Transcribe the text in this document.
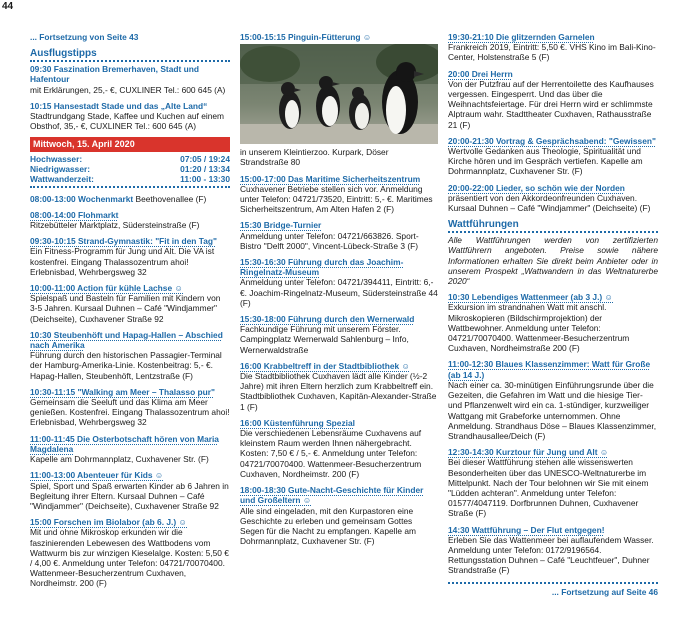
44
... Fortsetzung von Seite 43
Ausflugstipps
09:30 Faszination Bremerhaven, Stadt und Hafentour
mit Erklärungen, 25,- €, CUXLINER Tel.: 600 645 (A)
10:15 Hansestadt Stade und das „Alte Land“
Stadtrundgang Stade, Kaffee und Kuchen auf einem Obsthof, 35,- €, CUXLINER Tel.: 600 645 (A)
Mittwoch, 15. April 2020
Hochwasser:	07:05 / 19:24
Niedrigwasser:	01:20 / 13:34
Wattwanderzeit:	11:00 - 13:30
08:00-13:00 Wochenmarkt Beethovenallee (F)
08:00-14:00 Flohmarkt
Ritzebütteler Marktplatz, Südersteinstraße (F)
09:30-10:15 Strand-Gymnastik: "Fit in den Tag"
Ein Fitness-Programm für Jung und Alt. Die VA ist kostenfrei. Eingang Thalassozentrum ahoi! Erlebnisbad, Wehrbergsweg 32
10:00-11:00 Action für kühle Lachse ☺
Spielspaß und Basteln für Familien mit Kindern von 3-5 Jahren. Kursaal Duhnen – Café "Windjammer" (Deichseite), Cuxhavener Straße 92
10:30 Steubenhöft und Hapag-Hallen – Abschied nach Amerika
Führung durch den historischen Passagier-Terminal der Hamburg-Amerika-Linie. Kostenbeitrag: 5,- €. Hapag-Hallen, Steubenhöft, Lentzstraße (F)
10:30-11:15 "Walking am Meer – Thalasso pur"
Gemeinsam die Seeluft und das Klima am Meer genießen. Kostenfrei. Eingang Thalassozentrum ahoi! Erlebnisbad, Wehrbergsweg 32
11:00-11:45 Die Osterbotschaft hören von Maria Magdalena
Kapelle am Dohrmannplatz, Cuxhavener Str. (F)
11:00-13:00 Abenteuer für Kids ☺
Spiel, Sport und Spaß erwarten Kinder ab 6 Jahren in Begleitung ihrer Eltern. Kursaal Duhnen – Café "Windjammer" (Deichseite), Cuxhavener Straße 92
15:00 Forschen im Biolabor (ab 6. J.) ☺
Mit und ohne Mikroskop erkunden wir die faszinierenden Lebewesen des Wattbodens vom Wattwurm bis zur winzigen Kieselalge. Kosten: 5,50 € / 4,00 €. Anmeldung unter Telefon: 04721/70070400. Wattenmeer-Besucherzentrum Cuxhaven, Nordheimstr. 200 (F)
15:00-15:15 Pinguin-Fütterung ☺
in unserem Kleintierzoo. Kurpark, Döser Strandstraße 80
15:00-17:00 Das Maritime Sicherheitszentrum
Cuxhavener Betriebe stellen sich vor. Anmeldung unter Telefon: 04721/73520, Eintritt: 5,- €. Maritimes Sicherheitszentrum, Am Alten Hafen 2 (F)
15:30 Bridge-Turnier
Anmeldung unter Telefon: 04721/663826. Sport-Bistro "Delft 2000", Vincent-Lübeck-Straße 3 (F)
15:30-16:30 Führung durch das Joachim-Ringelnatz-Museum
Anmeldung unter Telefon: 04721/394411, Eintritt: 6,- €. Joachim-Ringelnatz-Museum, Südersteinstraße 44 (F)
15:30-18:00 Führung durch den Wernerwald
Fachkundige Führung mit unserem Förster. Campingplatz Wernerwald Sahlenburg – Info, Wernerwaldstraße
16:00 Krabbeltreff in der Stadtbibliothek ☺
Die Stadtbibliothek Cuxhaven lädt alle Kinder (½-2 Jahre) mit ihren Eltern herzlich zum Krabbeltreff ein. Stadtbibliothek Cuxhaven, Kapitän-Alexander-Straße 1 (F)
16:00 Küstenführung Spezial
Die verschiedenen Lebensräume Cuxhavens auf kleinstem Raum werden Ihnen nähergebracht. Kosten: 7,50 € / 5,- €. Anmeldung unter Telefon: 04721/70070400. Wattenmeer-Besucherzentrum Cuxhaven, Nordheimstr. 200 (F)
18:00-18:30 Gute-Nacht-Geschichte für Kinder und Großeltern ☺
Alle sind eingeladen, mit den Kurpastoren eine Geschichte zu erleben und gemeinsam Gottes Segen für die Nacht zu empfangen. Kapelle am Dohrmannplatz, Cuxhavener Str. (F)
19:30-21:10 Die glitzernden Garnelen
Frankreich 2019, Eintritt: 5,50 €. VHS Kino im Bali-Kino-Center, Holstenstraße 5 (F)
20:00 Drei Herrn
Von der Putzfrau auf der Herrentoilette des Kaufhauses vergessen. Eingesperrt. Und das über die Weihnachtsfeiertage. Für drei Herrn wird er schlimmste Alptraum wahr. Stadttheater Cuxhaven, Rathausstraße 21 (F)
20:00-21:30 Vortrag & Gesprächsabend: "Gewissen"
Wertvolle Gedanken aus Theologie, Spiritualität und Kirche hören und im Gespräch vertiefen. Kapelle am Dohrmannplatz, Cuxhavener Str. (F)
20:00-22:00 Lieder, so schön wie der Norden
präsentiert von den Akkordeonfreunden Cuxhaven. Kursaal Duhnen – Café "Windjammer" (Deichseite) (F)
Wattführungen
Alle Wattführungen werden von zertifizierten Wattführern angeboten. Preise sowie nähere Informationen erhalten Sie direkt beim Anbieter oder in unserem Prospekt „Wattwandern in das Weltnaturerbe 2020“
10:30 Lebendiges Wattenmeer (ab 3 J.) ☺
Exkursion im strandnahen Watt mit anschl. Mikroskopieren (Bildschirmprojektion) der Wattbewohner. Anmeldung unter Telefon: 04721/70070400. Wattenmeer-Besucherzentrum Cuxhaven, Nordheimstraße 200 (F)
11:00-12:30 Blaues Klassenzimmer: Watt für Große (ab 14 J.)
Nach einer ca. 30-minütigen Einführungsrunde über die Gezeiten, die Gefahren im Watt und die hiesige Tier- und Pflanzenwelt wird ein ca. 1-stündiger, kurzweiliger Wattgang mit Grabeforke unternommen. Ohne Anmeldung. Strandhaus Döse – Blaues Klassenzimmer, Strandhausallee/Deich (F)
12:30-14:30 Kurztour für Jung und Alt ☺
Bei dieser Wattführung stehen alle wissenswerten Besonderheiten über das UNESCO-Weltnaturerbe im Mittelpunkt. Nach der Tour belohnen wir Sie mit einem "Lüdden achteran". Anmeldung unter Telefon: 01577/4047119. Dorfbrunnen Duhnen, Cuxhavener Straße (F)
14:30 Wattführung – Der Flut entgegen!
Erleben Sie das Wattenmeer bei auflaufendem Wasser. Anmeldung unter Telefon: 0172/9196564. Rettungsstation Duhnen – Café "Leuchtfeuer", Duhner Strandstraße (F)
... Fortsetzung auf Seite 46
